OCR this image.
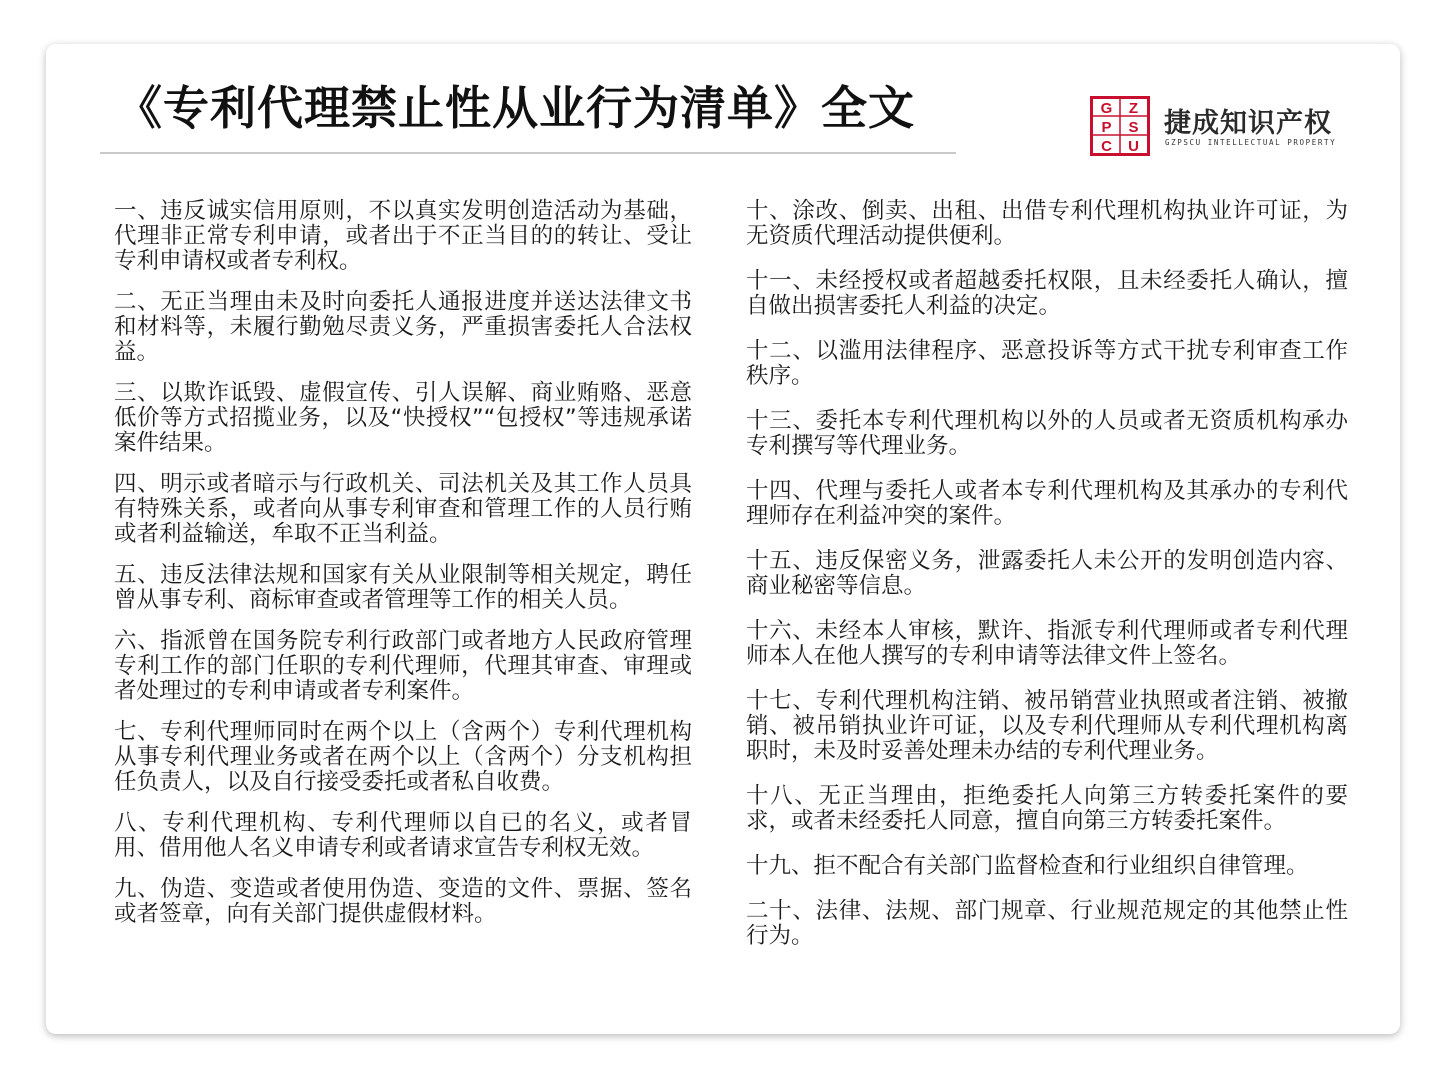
《专利代理禁止性从业行为清单》全文	G Z
P S
C U
捷成知识产权
GZPSCU INTELLECTUAL PROPERTY

一、违反诚实信用原则，不以真实发明创造活动为基础，代理非正常专利申请，或者出于不正当目的的转让、受让专利申请权或者专利权。

二、无正当理由未及时向委托人通报进度并送达法律文书和材料等，未履行勤勉尽责义务，严重损害委托人合法权益。

三、以欺诈诋毁、虚假宣传、引人误解、商业贿赂、恶意低价等方式招揽业务，以及“快授权”“包授权”等违规承诺案件结果。

四、明示或者暗示与行政机关、司法机关及其工作人员具有特殊关系，或者向从事专利审查和管理工作的人员行贿或者利益输送，牟取不正当利益。

五、违反法律法规和国家有关从业限制等相关规定，聘任曾从事专利、商标审查或者管理等工作的相关人员。

六、指派曾在国务院专利行政部门或者地方人民政府管理专利工作的部门任职的专利代理师，代理其审查、审理或者处理过的专利申请或者专利案件。

七、专利代理师同时在两个以上（含两个）专利代理机构从事专利代理业务或者在两个以上（含两个）分支机构担任负责人，以及自行接受委托或者私自收费。

八、专利代理机构、专利代理师以自已的名义，或者冒用、借用他人名义申请专利或者请求宣告专利权无效。

九、伪造、变造或者使用伪造、变造的文件、票据、签名或者签章，向有关部门提供虚假材料。

十、涂改、倒卖、出租、出借专利代理机构执业许可证，为无资质代理活动提供便利。

十一、未经授权或者超越委托权限，且未经委托人确认，擅自做出损害委托人利益的决定。

十二、以滥用法律程序、恶意投诉等方式干扰专利审查工作秩序。

十三、委托本专利代理机构以外的人员或者无资质机构承办专利撰写等代理业务。

十四、代理与委托人或者本专利代理机构及其承办的专利代理师存在利益冲突的案件。

十五、违反保密义务，泄露委托人未公开的发明创造内容、商业秘密等信息。

十六、未经本人审核，默许、指派专利代理师或者专利代理师本人在他人撰写的专利申请等法律文件上签名。

十七、专利代理机构注销、被吊销营业执照或者注销、被撤销、被吊销执业许可证，以及专利代理师从专利代理机构离职时，未及时妥善处理未办结的专利代理业务。

十八、无正当理由，拒绝委托人向第三方转委托案件的要求，或者未经委托人同意，擅自向第三方转委托案件。

十九、拒不配合有关部门监督检查和行业组织自律管理。

二十、法律、法规、部门规章、行业规范规定的其他禁止性行为。
